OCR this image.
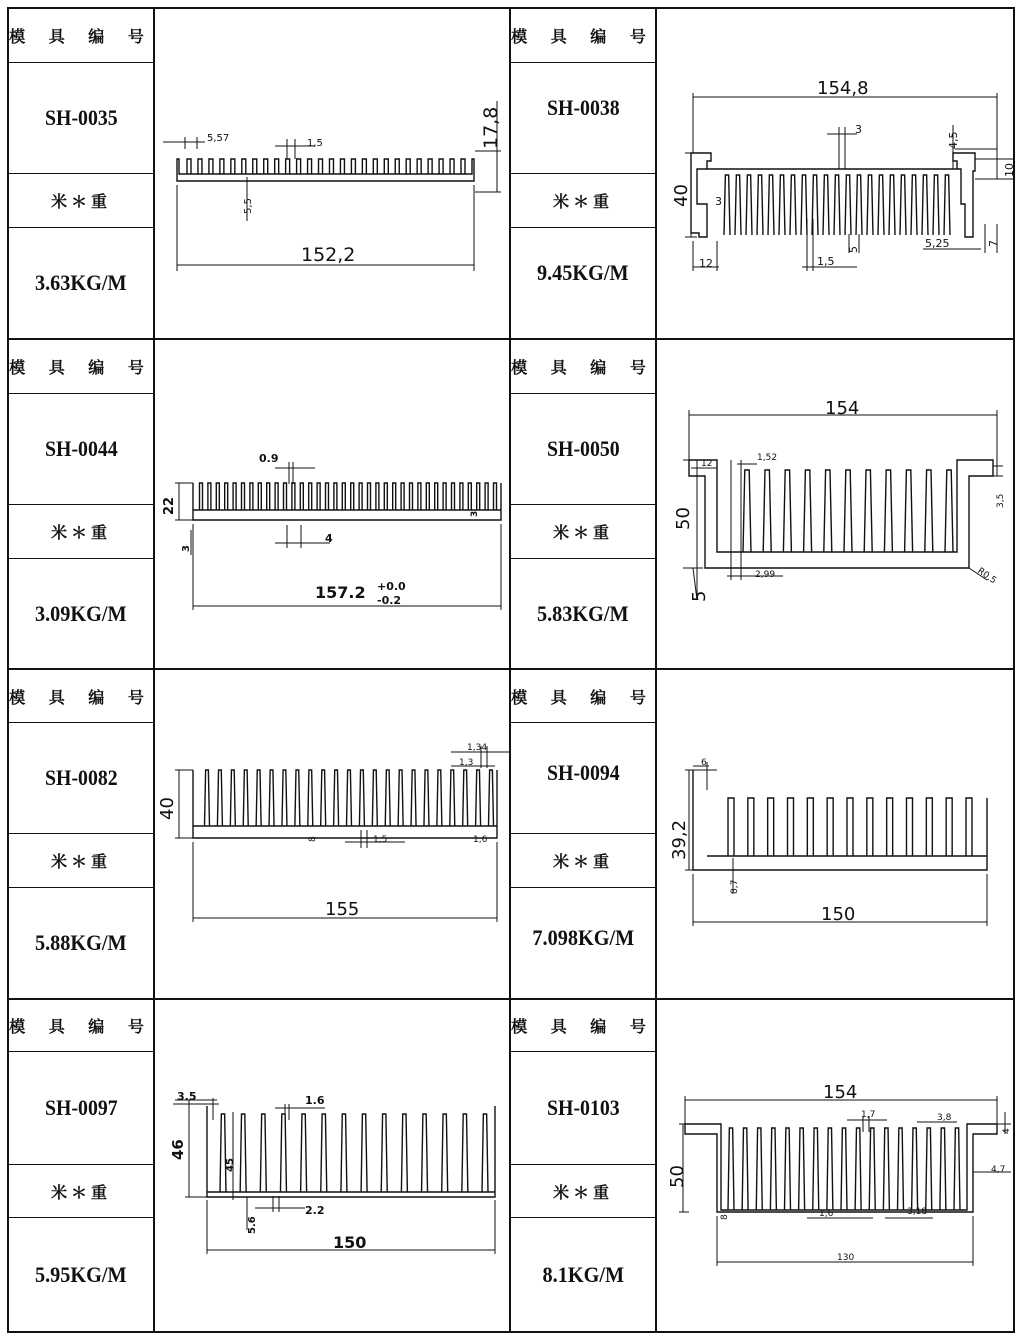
模 具 编 号
SH-0035
米＊重
3.63KG/M
模 具 编 号
SH-0038
米＊重
9.45KG/M
模 具 编 号
SH-0044
米＊重
3.09KG/M
模 具 编 号
SH-0050
米＊重
5.83KG/M
模 具 编 号
SH-0082
米＊重
5.88KG/M
模 具 编 号
SH-0094
米＊重
7.098KG/M
模 具 编 号
SH-0097
米＊重
5.95KG/M
模 具 编 号
SH-0103
米＊重
8.1KG/M
5,57	1,5
5,5
152,2
17,8
154,8
40
3
4,5
10
3
12	1,5
5	5,25	7
22
0.9
4
3
3
157.2 +0.0
-0.2
154
50
12
1,52
3,5
5
2,99	R0,5
40
155
1,34
1,3
1,5
8	1,6	39,2
6
8,7
150
3.5
46
1.6
45
2.2
5.6
150
154
50
1,7	3,8
4
4,7
8	1,6	3,18
130
